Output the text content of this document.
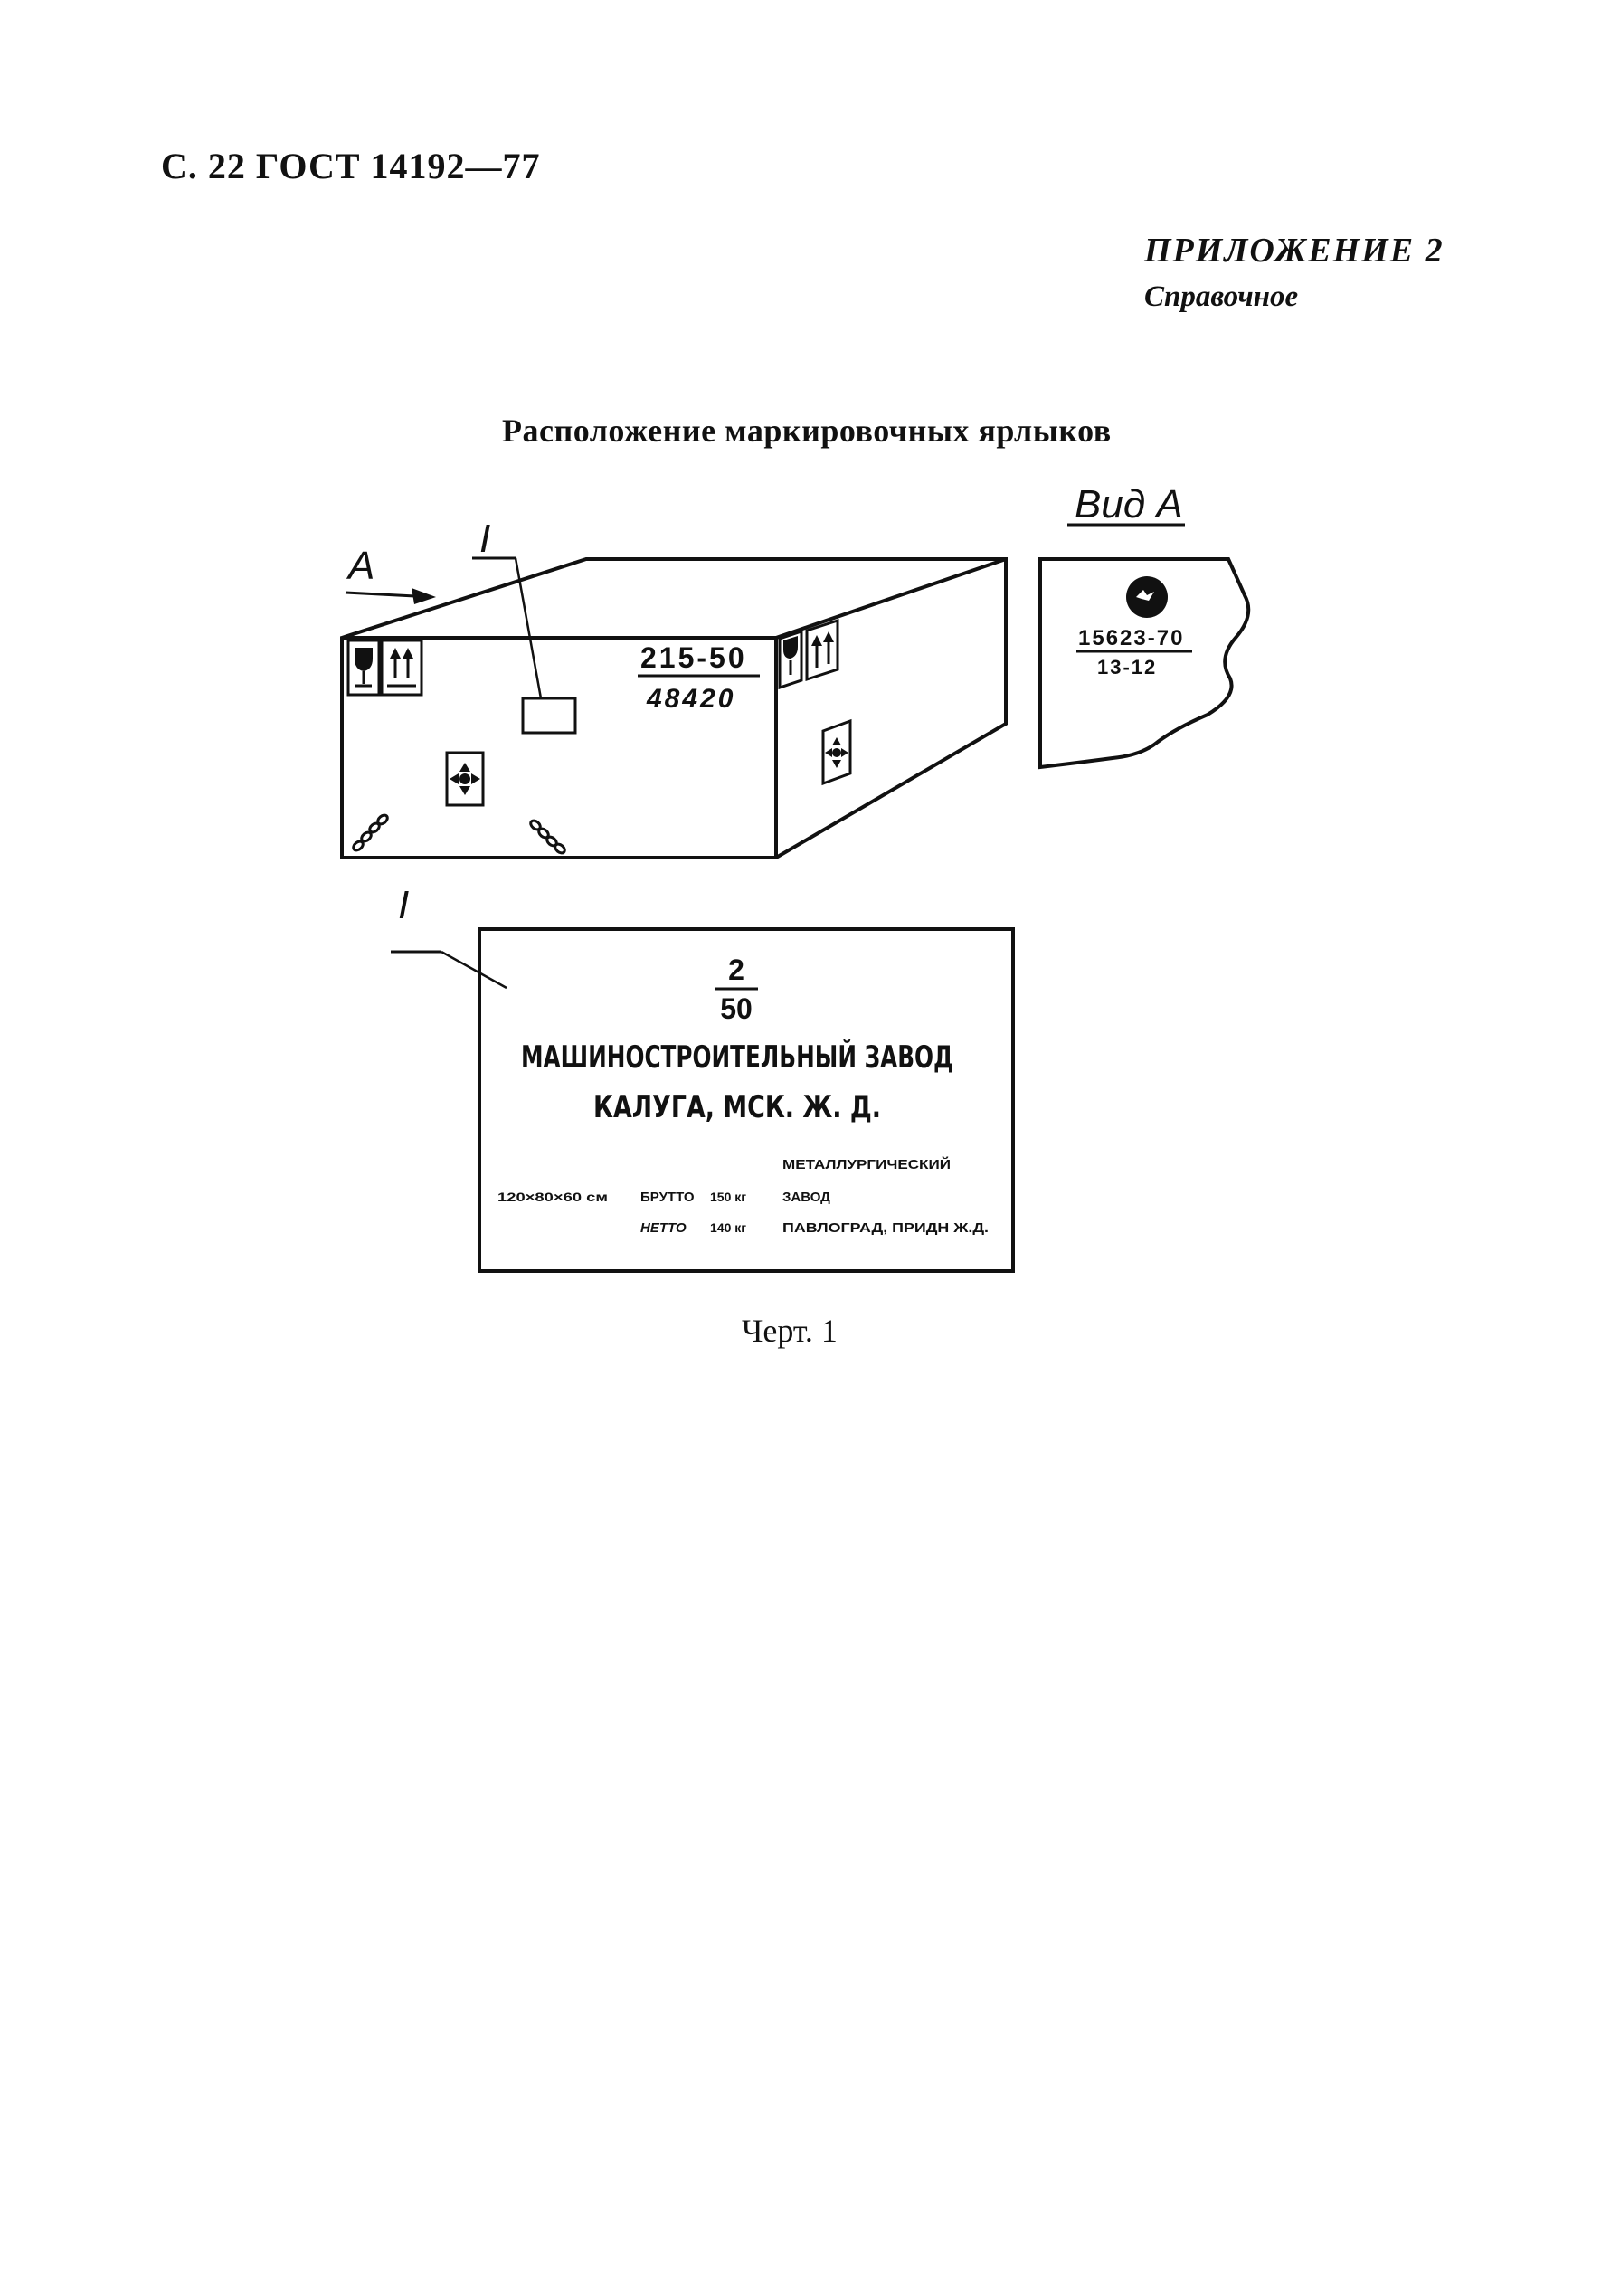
С. 22 ГОСТ 14192—77
ПРИЛОЖЕНИЕ 2
Справочное
Расположение маркировочных ярлыков
Черт. 1
А
I
215-50
48420
Вид А
15623-70
13-12
I
2
50
МАШИНОСТРОИТЕЛЬНЫЙ ЗАВОД
КАЛУГА, МСК. Ж. Д.
МЕТАЛЛУРГИЧЕСКИЙ
120×80×60 см БРУТТО 150 кг	ЗАВОД
НЕТТО 140 кг	ПАВЛОГРАД, ПРИДН Ж.Д.
